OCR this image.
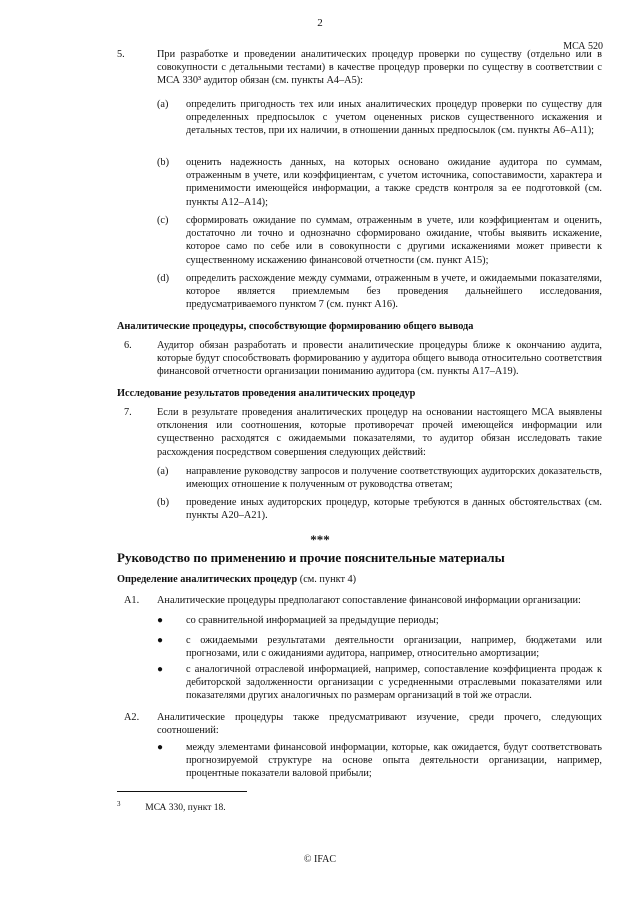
2
МСА 520
5.	При разработке и проведении аналитических процедур проверки по существу (отдельно или в совокупности с детальными тестами) в качестве процедур проверки по существу в соответствии с МСА 330³ аудитор обязан (см. пункты А4–А5):
(a) определить пригодность тех или иных аналитических процедур проверки по существу для определенных предпосылок с учетом оцененных рисков существенного искажения и детальных тестов, при их наличии, в отношении данных предпосылок (см. пункты А6–А11);
(b) оценить надежность данных, на которых основано ожидание аудитора по суммам, отраженным в учете, или коэффициентам, с учетом источника, сопоставимости, характера и применимости имеющейся информации, а также средств контроля за ее подготовкой (см. пункты А12–А14);
(c) сформировать ожидание по суммам, отраженным в учете, или коэффициентам и оценить, достаточно ли точно и однозначно сформировано ожидание, чтобы выявить искажение, которое само по себе или в совокупности с другими искажениями может привести к существенному искажению финансовой отчетности (см. пункт А15);
(d) определить расхождение между суммами, отраженным в учете, и ожидаемыми показателями, которое является приемлемым без проведения дальнейшего исследования, предусматриваемого пунктом 7 (см. пункт А16).
Аналитические процедуры, способствующие формированию общего вывода
6. Аудитор обязан разработать и провести аналитические процедуры ближе к окончанию аудита, которые будут способствовать формированию у аудитора общего вывода относительно соответствия финансовой отчетности организации пониманию аудитора (см. пункты А17–А19).
Исследование результатов проведения аналитических процедур
7. Если в результате проведения аналитических процедур на основании настоящего МСА выявлены отклонения или соотношения, которые противоречат прочей имеющейся информации или существенно расходятся с ожидаемыми показателями, то аудитор обязан исследовать такие расхождения посредством совершения следующих действий:
(a) направление руководству запросов и получение соответствующих аудиторских доказательств, имеющих отношение к полученным от руководства ответам;
(b) проведение иных аудиторских процедур, которые требуются в данных обстоятельствах (см. пункты А20–А21).
***
Руководство по применению и прочие пояснительные материалы
Определение аналитических процедур (см. пункт 4)
A1. Аналитические процедуры предполагают сопоставление финансовой информации организации:
● со сравнительной информацией за предыдущие периоды;
● с ожидаемыми результатами деятельности организации, например, бюджетами или прогнозами, или с ожиданиями аудитора, например, относительно амортизации;
● с аналогичной отраслевой информацией, например, сопоставление коэффициента продаж к дебиторской задолженности организации с усредненными отраслевыми показателями или показателями других аналогичных по размерам организаций в той же отрасли.
A2. Аналитические процедуры также предусматривают изучение, среди прочего, следующих соотношений:
● между элементами финансовой информации, которые, как ожидается, будут соответствовать прогнозируемой структуре на основе опыта деятельности организации, например, процентные показатели валовой прибыли;
$^3$	МСА 330, пункт 18.
© IFAC
